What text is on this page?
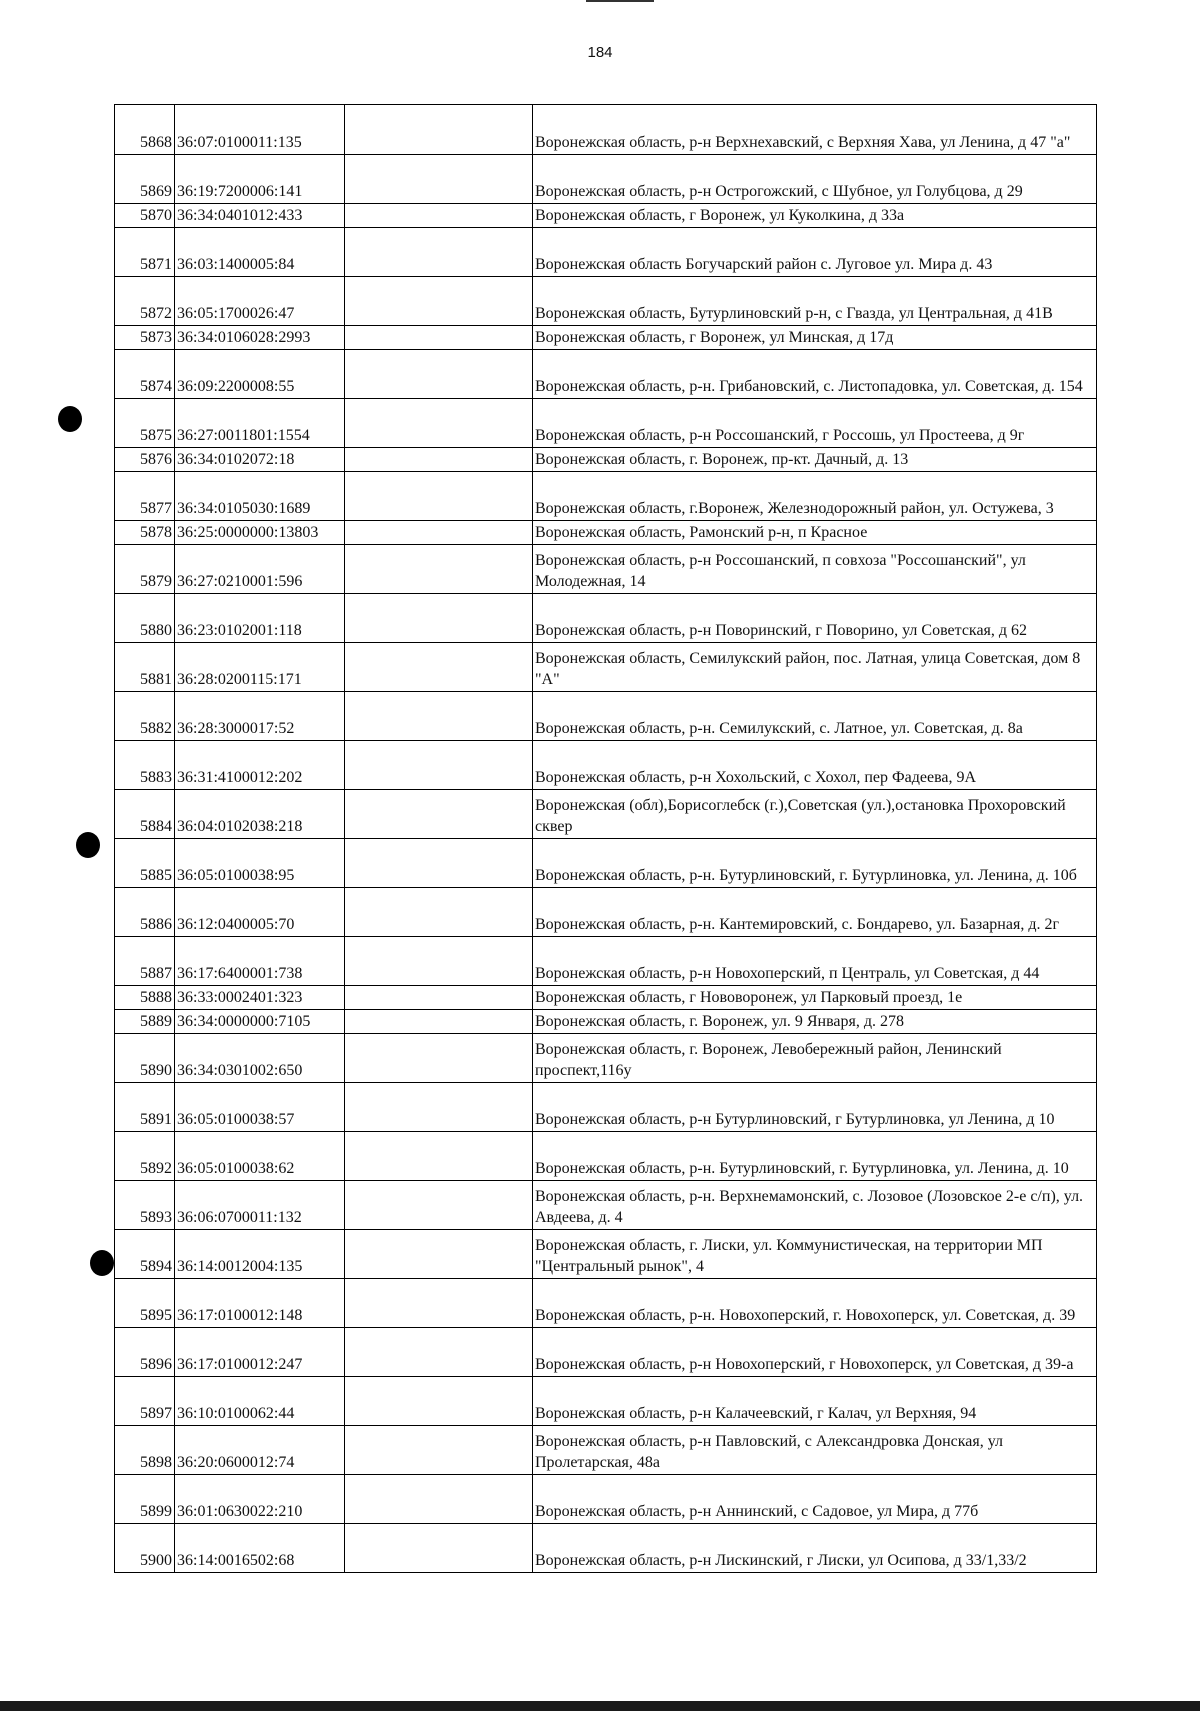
184
5868	36:07:0100011:135		Воронежская область, р-н Верхнехавский, с Верхняя Хава, ул Ленина, д 47 "а"
5869	36:19:7200006:141		Воронежская область, р-н Острогожский, с Шубное, ул Голубцова, д 29
5870	36:34:0401012:433		Воронежская область, г Воронеж, ул Куколкина, д 33а
5871	36:03:1400005:84		Воронежская область Богучарский район с. Луговое ул. Мира д. 43
5872	36:05:1700026:47		Воронежская область, Бутурлиновский р-н, с Гвазда, ул Центральная, д 41В
5873	36:34:0106028:2993		Воронежская область, г Воронеж, ул Минская, д 17д
5874	36:09:2200008:55		Воронежская область, р-н. Грибановский, с. Листопадовка, ул. Советская, д. 154
5875	36:27:0011801:1554		Воронежская область, р-н Россошанский, г Россошь, ул Простеева, д 9г
5876	36:34:0102072:18		Воронежская область, г. Воронеж, пр-кт. Дачный, д. 13
5877	36:34:0105030:1689		Воронежская область, г.Воронеж, Железнодорожный район, ул. Остужева, 3
5878	36:25:0000000:13803		Воронежская область, Рамонский р-н, п Красное
5879	36:27:0210001:596		Воронежская область, р-н Россошанский, п совхоза "Россошанский", ул Молодежная, 14
5880	36:23:0102001:118		Воронежская область, р-н Поворинский, г Поворино, ул Советская, д 62
5881	36:28:0200115:171		Воронежская область, Семилукский район, пос. Латная, улица Советская, дом 8 "А"
5882	36:28:3000017:52		Воронежская область, р-н. Семилукский, с. Латное, ул. Советская, д. 8а
5883	36:31:4100012:202		Воронежская область, р-н Хохольский, с Хохол, пер Фадеева, 9А
5884	36:04:0102038:218		Воронежская (обл),Борисоглебск (г.),Советская (ул.),остановка Прохоровский сквер
5885	36:05:0100038:95		Воронежская область, р-н. Бутурлиновский, г. Бутурлиновка, ул. Ленина, д. 10б
5886	36:12:0400005:70		Воронежская область, р-н. Кантемировский, с. Бондарево, ул. Базарная, д. 2г
5887	36:17:6400001:738		Воронежская область, р-н Новохоперский, п Централь, ул Советская, д 44
5888	36:33:0002401:323		Воронежская область, г Нововоронеж, ул Парковый проезд, 1е
5889	36:34:0000000:7105		Воронежская область, г. Воронеж, ул. 9 Января, д. 278
5890	36:34:0301002:650		Воронежская область, г. Воронеж, Левобережный район, Ленинский проспект,116у
5891	36:05:0100038:57		Воронежская область, р-н Бутурлиновский, г Бутурлиновка, ул Ленина, д 10
5892	36:05:0100038:62		Воронежская область, р-н. Бутурлиновский, г. Бутурлиновка, ул. Ленина, д. 10
5893	36:06:0700011:132		Воронежская область, р-н. Верхнемамонский, с. Лозовое (Лозовское 2-е с/п), ул. Авдеева, д. 4
5894	36:14:0012004:135		Воронежская область, г. Лиски, ул. Коммунистическая, на территории МП "Центральный рынок", 4
5895	36:17:0100012:148		Воронежская область, р-н. Новохоперский, г. Новохоперск, ул. Советская, д. 39
5896	36:17:0100012:247		Воронежская область, р-н Новохоперский, г Новохоперск, ул Советская, д 39-а
5897	36:10:0100062:44		Воронежская область, р-н Калачеевский, г Калач, ул Верхняя, 94
5898	36:20:0600012:74		Воронежская область, р-н Павловский, с Александровка Донская, ул Пролетарская, 48а
5899	36:01:0630022:210		Воронежская область, р-н Аннинский, с Садовое, ул Мира, д 77б
5900	36:14:0016502:68		Воронежская область, р-н Лискинский, г Лиски, ул Осипова, д 33/1,33/2
